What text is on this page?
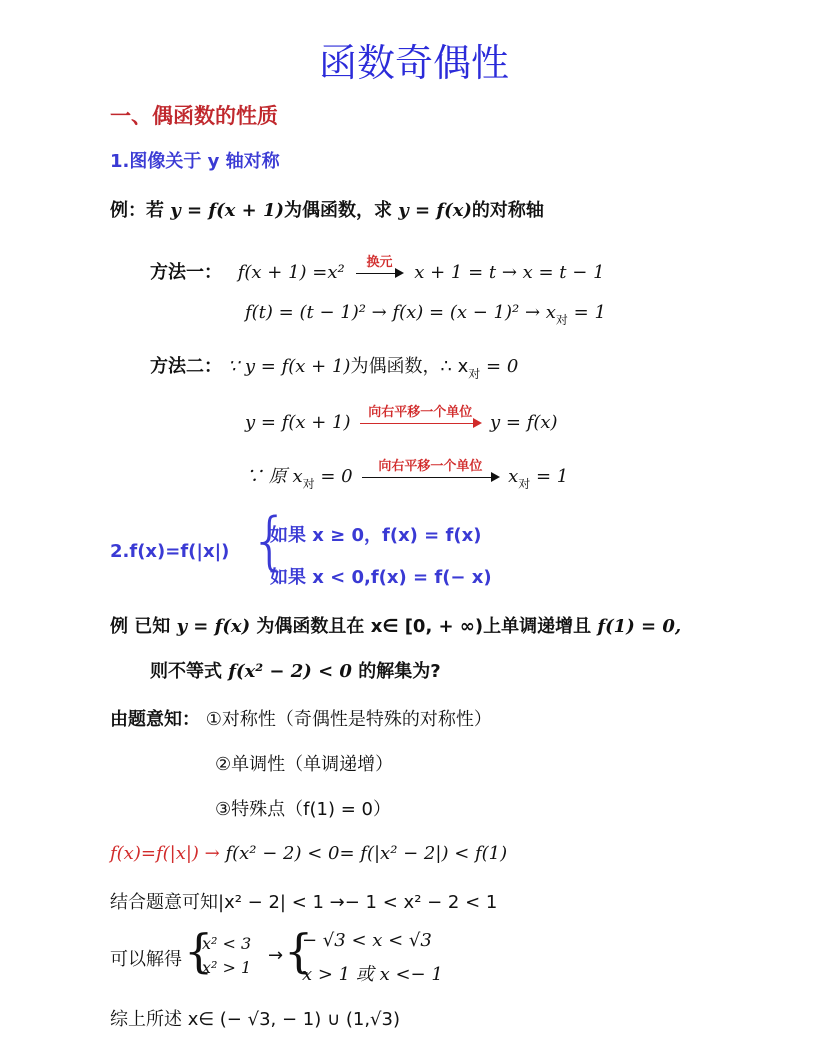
函数奇偶性
一、偶函数的性质
1.图像关于 y 轴对称
例：若 y = f(x + 1)为偶函数，求 y = f(x)的对称轴
方法一： f(x + 1) =x²	换元	x + 1 = t → x = t − 1
$f(t) = (t - 1)^2 \to f(x) = (x - 1)^2 \to x_对 = 1$
方法二： ∵ y = f(x + 1)为偶函数，∴ $x_对 = 0$
y = f(x + 1)	向右平移一个单位 y = f(x)
∵ 原 $x_对 = 0$	向右平移一个单位	$x_对 = 1$
2.f(x)=f(|x|) {
如果 x ≥ 0，f(x) = f(x)
如果 x < 0,f(x) = f(− x)
例 已知 y = f(x) 为偶函数且在 x∈ [0, + ∞)上单调递增且 f(1) = 0,
则不等式 f(x² − 2) < 0 的解集为?
由题意知： ①对称性（奇偶性是特殊的对称性）
②单调性（单调递增）
③特殊点（f(1) = 0）
f(x)=f(|x|) → f(x² − 2) < 0= f(|x² − 2|) < f(1)
结合题意可知|x² − 2| < 1 →− 1 < x² − 2 < 1
可以解得 {
x² < 3
x² > 1
→ {
− √3 < x < √3
x > 1 或 x <− 1
综上所述 x∈ (− √3, − 1) ∪ (1,√3)
